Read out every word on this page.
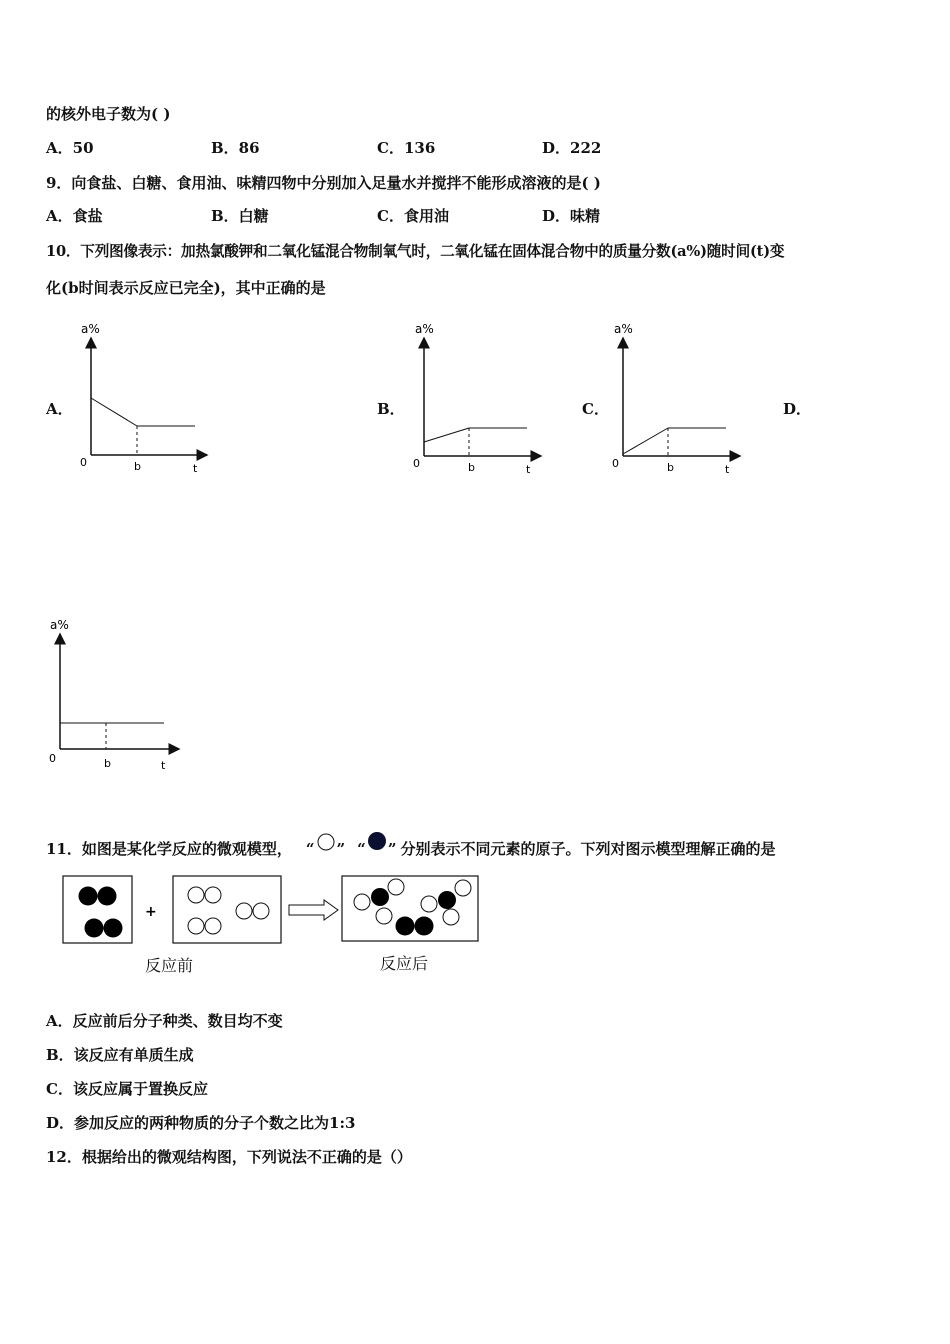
的核外电子数为( )
A．50	B．86	C．136	D．222
9．向食盐、白糖、食用油、味精四物中分别加入足量水并搅拌不能形成溶液的是( )
A．食盐	B．白糖	C．食用油	D．味精
10．下列图像表示：加热氯酸钾和二氧化锰混合物制氧气时，二氧化锰在固体混合物中的质量分数(a%)随时间(t)变
化(b时间表示反应已完全)，其中正确的是
A．	B．	C．	D．
a%
0	b	t
a%
0	b	t
a%
0	b	t
a%
0	b	t
11．如图是某化学反应的微观模型， “ ” “ ” 分别表示不同元素的原子。下列对图示模型理解正确的是
+
反应前	反应后
A．反应前后分子种类、数目均不变
B．该反应有单质生成
C．该反应属于置换反应
D．参加反应的两种物质的分子个数之比为1:3
12．根据给出的微观结构图，下列说法不正确的是（）
